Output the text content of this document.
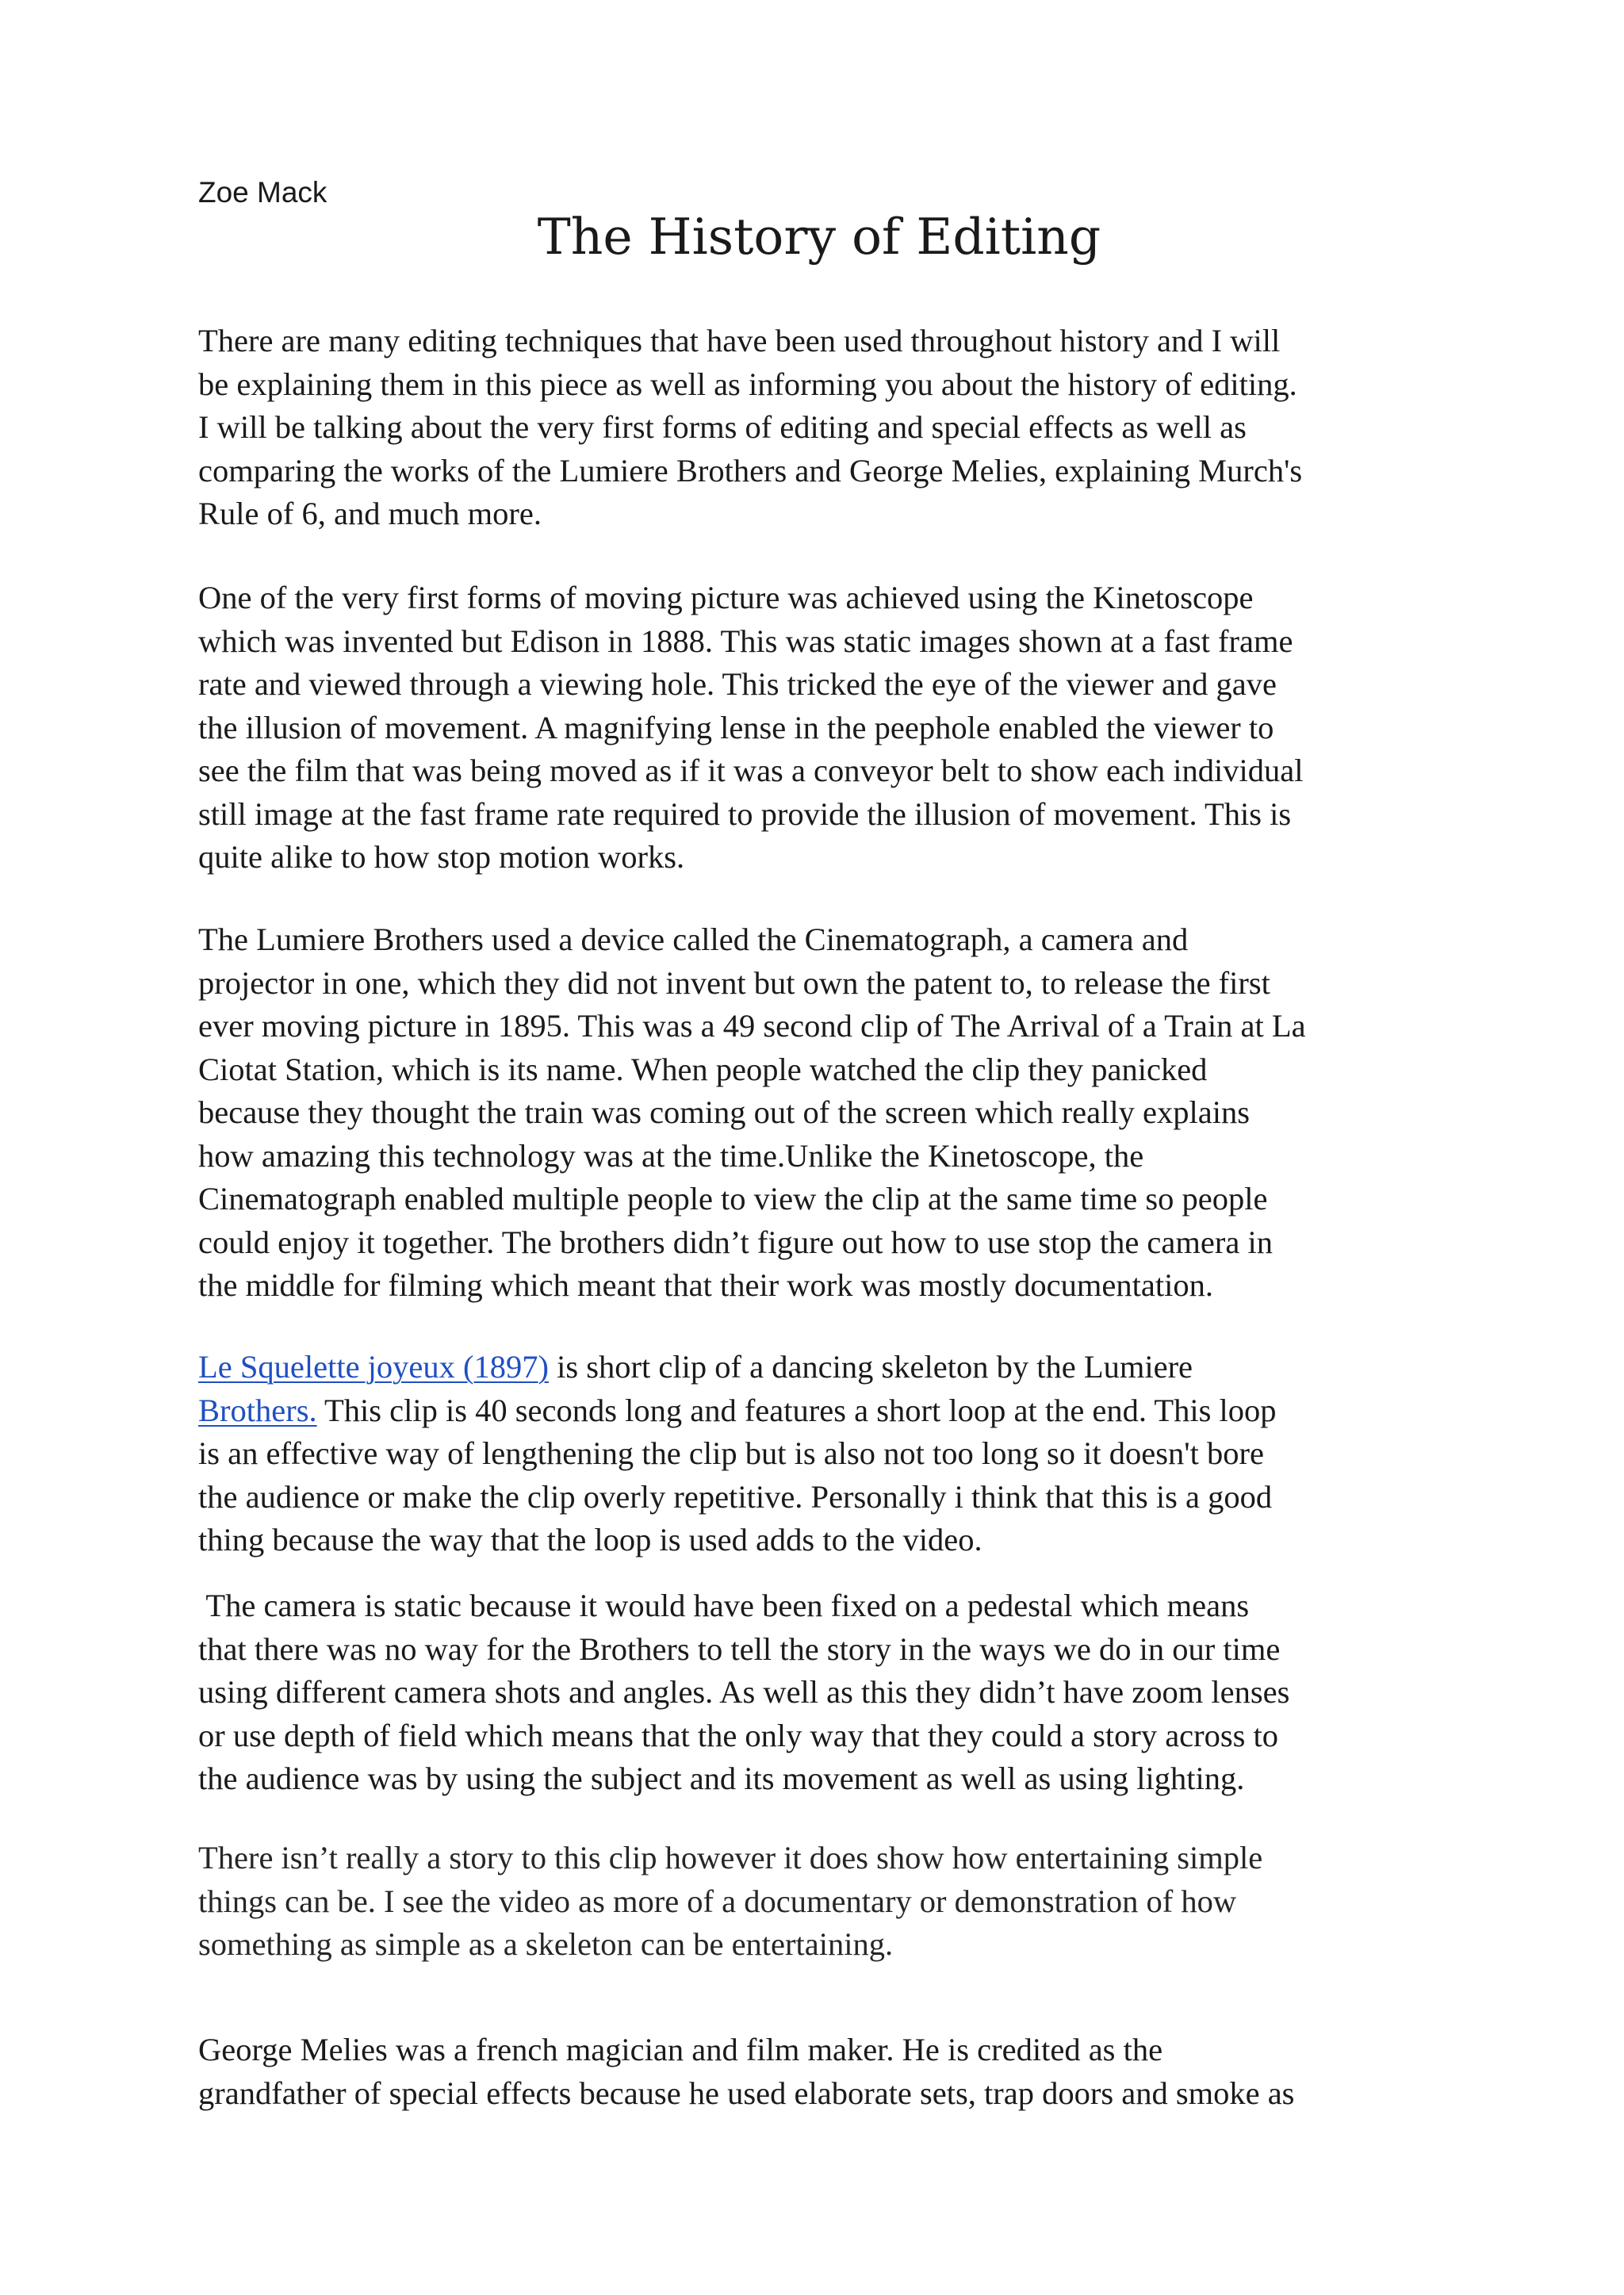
Zoe Mack

The History of Editing
There are many editing techniques that have been used throughout history and I will
be explaining them in this piece as well as informing you about the history of editing.
I will be talking about the very first forms of editing and special effects as well as
comparing the works of the Lumiere Brothers and George Melies, explaining Murch's
Rule of 6, and much more.
One of the very first forms of moving picture was achieved using the Kinetoscope
which was invented but Edison in 1888. This was static images shown at a fast frame
rate and viewed through a viewing hole. This tricked the eye of the viewer and gave
the illusion of movement. A magnifying lense in the peephole enabled the viewer to
see the film that was being moved as if it was a conveyor belt to show each individual
still image at the fast frame rate required to provide the illusion of movement. This is
quite alike to how stop motion works.
The Lumiere Brothers used a device called the Cinematograph, a camera and
projector in one, which they did not invent but own the patent to, to release the first
ever moving picture in 1895. This was a 49 second clip of The Arrival of a Train at La
Ciotat Station, which is its name. When people watched the clip they panicked
because they thought the train was coming out of the screen which really explains
how amazing this technology was at the time.Unlike the Kinetoscope, the
Cinematograph enabled multiple people to view the clip at the same time so people
could enjoy it together. The brothers didn’t figure out how to use stop the camera in
the middle for filming which meant that their work was mostly documentation.
Le Squelette joyeux (1897) is short clip of a dancing skeleton by the Lumiere
Brothers. This clip is 40 seconds long and features a short loop at the end. This loop
is an effective way of lengthening the clip but is also not too long so it doesn't bore
the audience or make the clip overly repetitive. Personally i think that this is a good
thing because the way that the loop is used adds to the video.
The camera is static because it would have been fixed on a pedestal which means
that there was no way for the Brothers to tell the story in the ways we do in our time
using different camera shots and angles. As well as this they didn’t have zoom lenses
or use depth of field which means that the only way that they could a story across to
the audience was by using the subject and its movement as well as using lighting.
There isn’t really a story to this clip however it does show how entertaining simple
things can be. I see the video as more of a documentary or demonstration of how
something as simple as a skeleton can be entertaining.
George Melies was a french magician and film maker. He is credited as the
grandfather of special effects because he used elaborate sets, trap doors and smoke as
